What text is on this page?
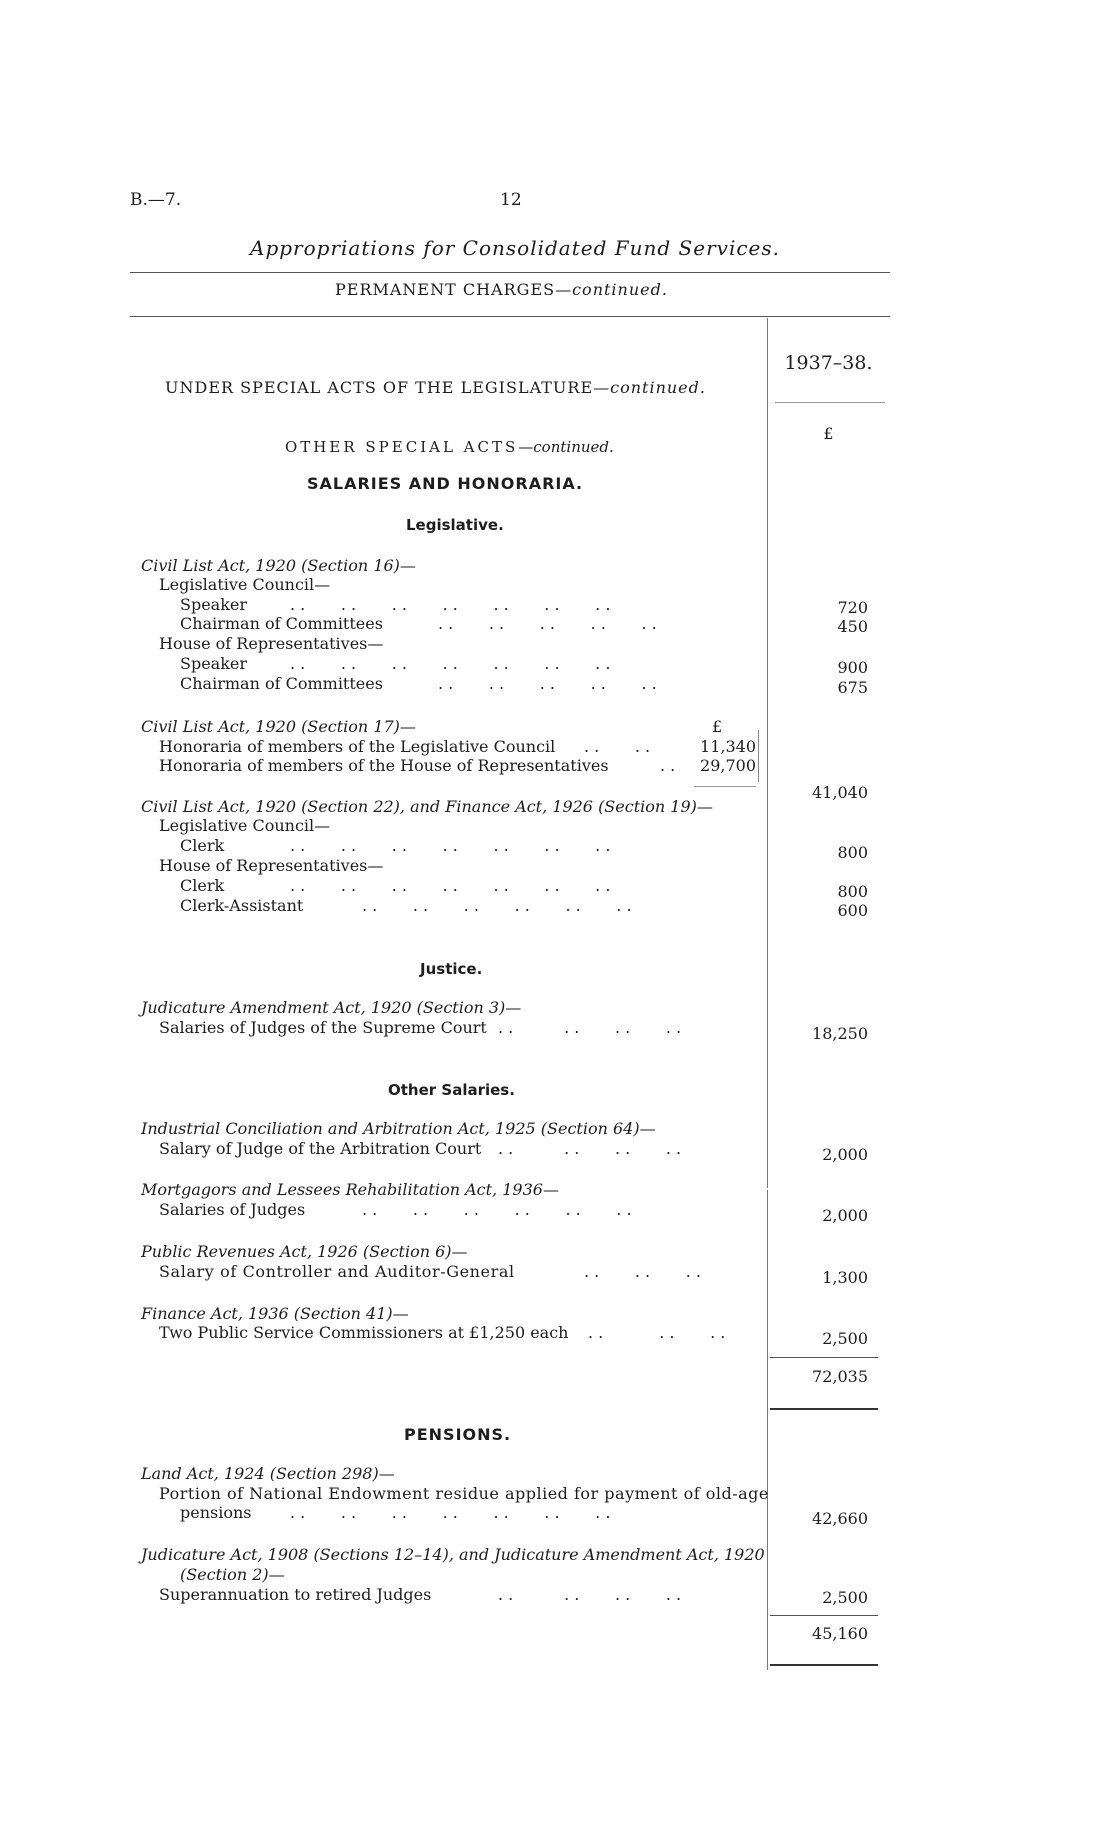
B.—7.	12
Appropriations for Consolidated Fund Services.
PERMANENT CHARGES—continued.
1937–38.
£
UNDER SPECIAL ACTS OF THE LEGISLATURE—continued.
OTHER SPECIAL ACTS—continued.
SALARIES AND HONORARIA.
Legislative.
Civil List Act, 1920 (Section 16)—
Legislative Council—
Speaker	. .       . .       . .       . .       . .       . .       . .	720
Chairman of Committees	. .       . .       . .       . .       . .	450
House of Representatives—
Speaker	. .       . .       . .       . .       . .       . .       . .	900
Chairman of Committees	. .       . .       . .       . .       . .	675
Civil List Act, 1920 (Section 17)—	£
Honoraria of members of the Legislative Council . .       . .	11,340
Honoraria of members of the House of Representatives	. .	29,700
41,040
Civil List Act, 1920 (Section 22), and Finance Act, 1926 (Section 19)—
Legislative Council—
Clerk	. .       . .       . .       . .       . .       . .       . .	800
House of Representatives—
Clerk	. .       . .       . .       . .       . .       . .       . .	800
Clerk-Assistant	. .       . .       . .       . .       . .       . .	600
Justice.
Judicature Amendment Act, 1920 (Section 3)—
Salaries of Judges of the Supreme Court . .          . .       . .       . .	18,250
Other Salaries.
Industrial Conciliation and Arbitration Act, 1925 (Section 64)—
Salary of Judge of the Arbitration Court . .          . .       . .       . .	2,000
Mortgagors and Lessees Rehabilitation Act, 1936—
Salaries of Judges	. .       . .       . .       . .       . .       . .	2,000
Public Revenues Act, 1926 (Section 6)—
Salary of Controller and Auditor-General	. .       . .       . .	1,300
Finance Act, 1936 (Section 41)—
Two Public Service Commissioners at £1,250 each . .           . .       . .	2,500
72,035
PENSIONS.
Land Act, 1924 (Section 298)—
Portion of National Endowment residue applied for payment of old-age
pensions . .       . .       . .       . .       . .       . .       . .	42,660
Judicature Act, 1908 (Sections 12–14), and Judicature Amendment Act, 1920
(Section 2)—
Superannuation to retired Judges	. .          . .       . .       . .	2,500
45,160
